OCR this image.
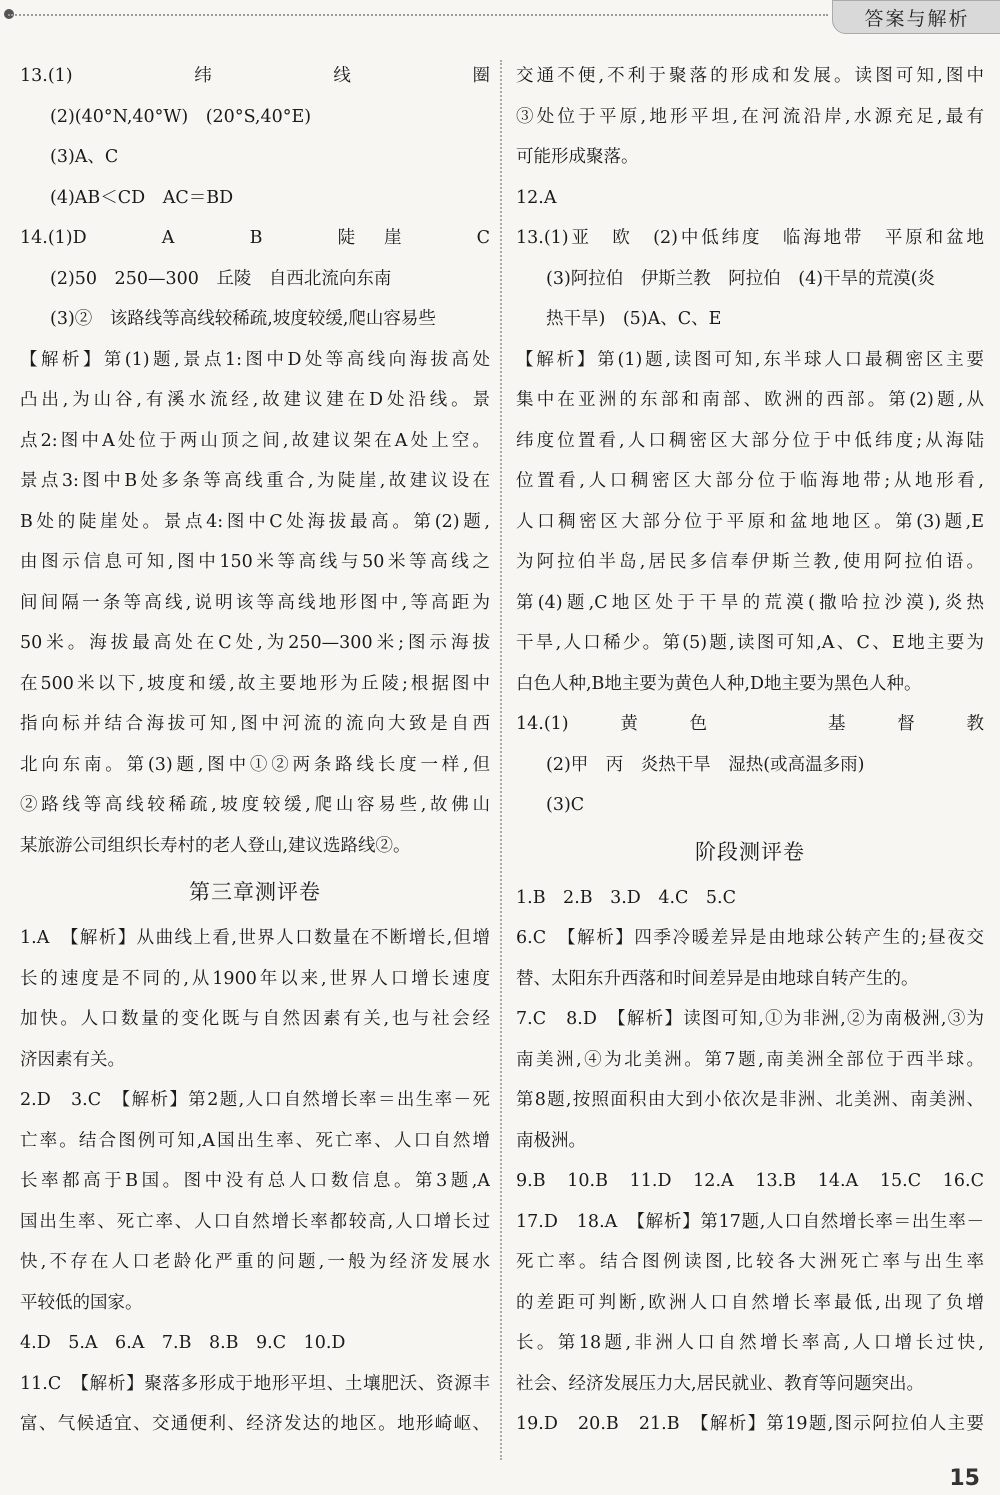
答案与解析
13.(1)纬线圈
(2)(40°N,40°W)　(20°S,40°E)
(3)A、C
(4)AB＜CD　AC＝BD
14.(1)D　A　B　陡崖　C
(2)50　250—300　丘陵　自西北流向东南
(3)②　该路线等高线较稀疏,坡度较缓,爬山容易些
【解析】第(1)题,景点1:图中D处等高线向海拔高处
凸出,为山谷,有溪水流经,故建议建在D处沿线。景
点2:图中A处位于两山顶之间,故建议架在A处上空。
景点3:图中B处多条等高线重合,为陡崖,故建议设在
B处的陡崖处。景点4:图中C处海拔最高。第(2)题,
由图示信息可知,图中150米等高线与50米等高线之
间间隔一条等高线,说明该等高线地形图中,等高距为
50米。海拔最高处在C处,为250—300米;图示海拔
在500米以下,坡度和缓,故主要地形为丘陵;根据图中
指向标并结合海拔可知,图中河流的流向大致是自西
北向东南。第(3)题,图中①②两条路线长度一样,但
②路线等高线较稀疏,坡度较缓,爬山容易些,故佛山
某旅游公司组织长寿村的老人登山,建议选路线②。
第三章测评卷
1.A　【解析】从曲线上看,世界人口数量在不断增长,但增
长的速度是不同的,从1900年以来,世界人口增长速度
加快。人口数量的变化既与自然因素有关,也与社会经
济因素有关。
2.D　3.C　【解析】第2题,人口自然增长率＝出生率－死
亡率。结合图例可知,A国出生率、死亡率、人口自然增
长率都高于B国。图中没有总人口数信息。第3题,A
国出生率、死亡率、人口自然增长率都较高,人口增长过
快,不存在人口老龄化严重的问题,一般为经济发展水
平较低的国家。
4.D　5.A　6.A　7.B　8.B　9.C　10.D
11.C　【解析】聚落多形成于地形平坦、土壤肥沃、资源丰
富、气候适宜、交通便利、经济发达的地区。地形崎岖、
交通不便,不利于聚落的形成和发展。读图可知,图中
③处位于平原,地形平坦,在河流沿岸,水源充足,最有
可能形成聚落。
12.A
13.(1)亚　欧　(2)中低纬度　临海地带　平原和盆地
(3)阿拉伯　伊斯兰教　阿拉伯　(4)干旱的荒漠(炎
热干旱)　(5)A、C、E
【解析】第(1)题,读图可知,东半球人口最稠密区主要
集中在亚洲的东部和南部、欧洲的西部。第(2)题,从
纬度位置看,人口稠密区大部分位于中低纬度;从海陆
位置看,人口稠密区大部分位于临海地带;从地形看,
人口稠密区大部分位于平原和盆地地区。第(3)题,E
为阿拉伯半岛,居民多信奉伊斯兰教,使用阿拉伯语。
第(4)题,C地区处于干旱的荒漠(撒哈拉沙漠),炎热
干旱,人口稀少。第(5)题,读图可知,A、C、E地主要为
白色人种,B地主要为黄色人种,D地主要为黑色人种。
14.(1)黄色　基督教
(2)甲　丙　炎热干旱　湿热(或高温多雨)
(3)C
阶段测评卷
1.B　2.B　3.D　4.C　5.C
6.C　【解析】四季冷暖差异是由地球公转产生的;昼夜交
替、太阳东升西落和时间差异是由地球自转产生的。
7.C　8.D　【解析】读图可知,①为非洲,②为南极洲,③为
南美洲,④为北美洲。第7题,南美洲全部位于西半球。
第8题,按照面积由大到小依次是非洲、北美洲、南美洲、
南极洲。
9.B　10.B　11.D　12.A　13.B　14.A　15.C　16.C
17.D　18.A　【解析】第17题,人口自然增长率＝出生率－
死亡率。结合图例读图,比较各大洲死亡率与出生率
的差距可判断,欧洲人口自然增长率最低,出现了负增
长。第18题,非洲人口自然增长率高,人口增长过快,
社会、经济发展压力大,居民就业、教育等问题突出。
19.D　20.B　21.B　【解析】第19题,图示阿拉伯人主要
15
